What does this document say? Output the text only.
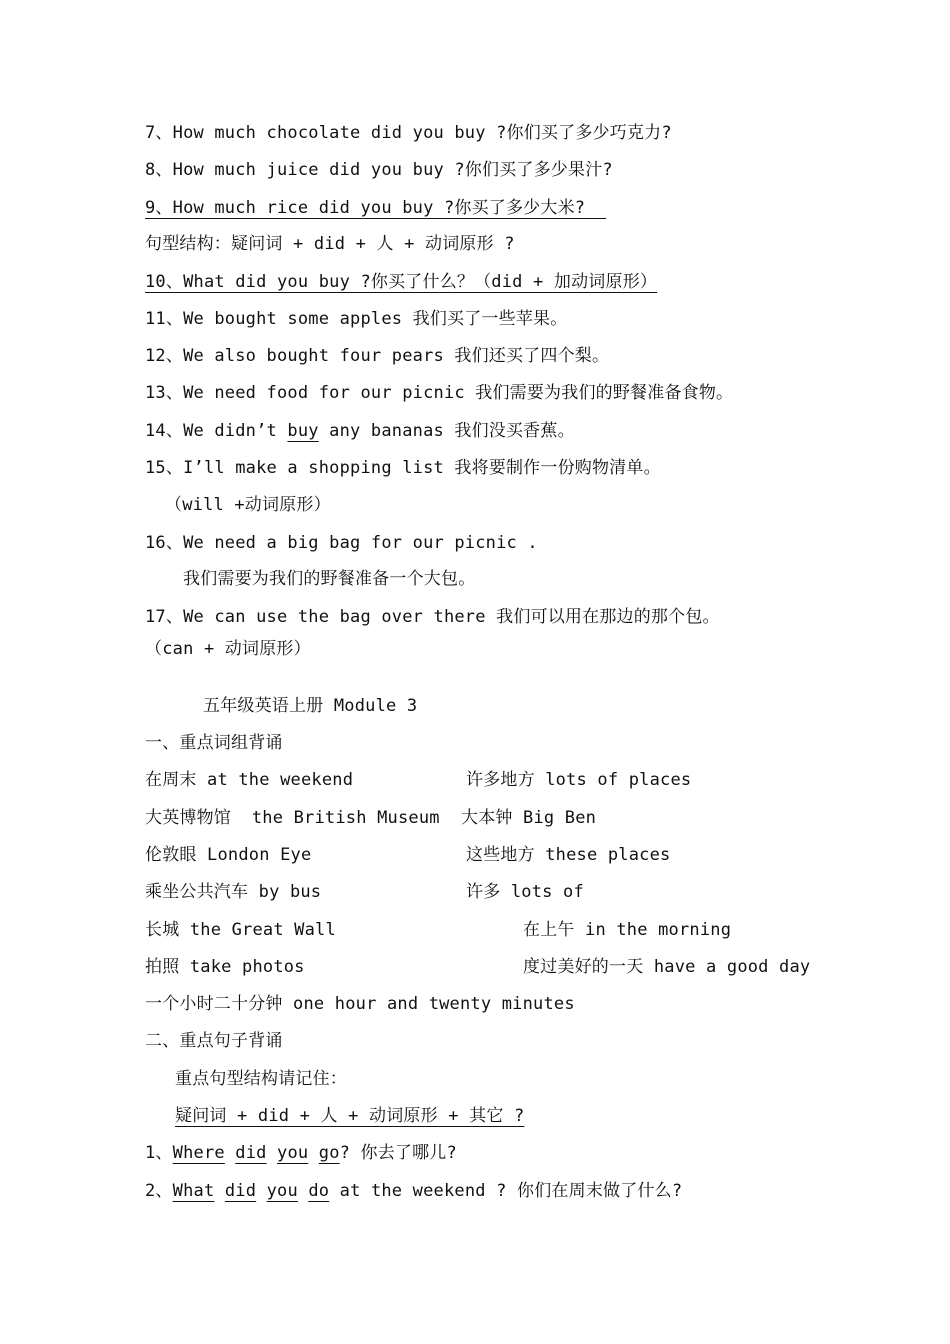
7、How much chocolate did you buy ?你们买了多少巧克力?
8、How much juice did you buy ?你们买了多少果汁?
9、How much rice did you buy ?你买了多少大米?
句型结构：疑问词 + did + 人 + 动词原形 ?
10、What did you buy ?你买了什么？（did + 加动词原形）
11、We bought some apples 我们买了一些苹果。
12、We also bought four pears 我们还买了四个梨。
13、We need food for our picnic 我们需要为我们的野餐准备食物。
14、We didn’t buy any bananas 我们没买香蕉。
15、I’ll make a shopping list 我将要制作一份购物清单。
（will +动词原形）
16、We need a big bag for our picnic .
我们需要为我们的野餐准备一个大包。
17、We can use the bag over there 我们可以用在那边的那个包。
（can + 动词原形）
五年级英语上册 Module 3
一、重点词组背诵
在周末 at the weekend	许多地方 lots of places
大英博物馆  the British Museum 大本钟 Big Ben
伦敦眼 London Eye	这些地方 these places
乘坐公共汽车 by bus	许多 lots of
长城 the Great Wall	在上午 in the morning
拍照 take photos	度过美好的一天 have a good day
一个小时二十分钟 one hour and twenty minutes
二、重点句子背诵
重点句型结构请记住：
疑问词 + did + 人 + 动词原形 + 其它 ?
1、Where did you go? 你去了哪儿?
2、What did you do at the weekend ? 你们在周末做了什么?
